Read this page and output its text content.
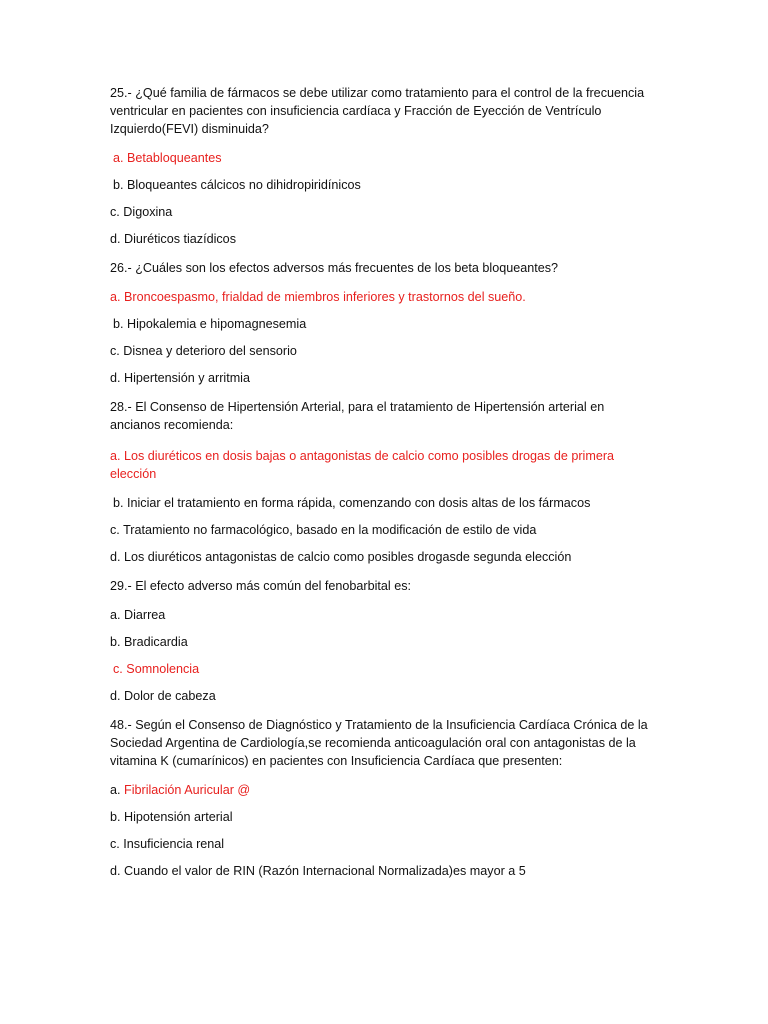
25.- ¿Qué familia de fármacos se debe utilizar como tratamiento para el control de la frecuencia ventricular en pacientes con insuficiencia cardíaca y Fracción de Eyección de Ventrículo Izquierdo(FEVI) disminuida?

a. Betabloqueantes

b. Bloqueantes cálcicos no dihidropiridínicos

c. Digoxina

d. Diuréticos tiazídicos

26.- ¿Cuáles son los efectos adversos más frecuentes de los beta bloqueantes?

a. Broncoespasmo, frialdad de miembros inferiores y trastornos del sueño.

b. Hipokalemia e hipomagnesemia

c. Disnea y deterioro del sensorio

d. Hipertensión y arritmia

28.- El Consenso de Hipertensión Arterial, para el tratamiento de Hipertensión arterial en ancianos recomienda:

a. Los diuréticos en dosis bajas o antagonistas de calcio como posibles drogas de primera elección

b. Iniciar el tratamiento en forma rápida, comenzando con dosis altas de los fármacos

c. Tratamiento no farmacológico, basado en la modificación de estilo de vida

d. Los diuréticos antagonistas de calcio como posibles drogasde segunda elección

29.- El efecto adverso más común del fenobarbital es:

a. Diarrea

b. Bradicardia

c. Somnolencia

d. Dolor de cabeza

48.- Según el Consenso de Diagnóstico y Tratamiento de la Insuficiencia Cardíaca Crónica de la Sociedad Argentina de Cardiología,se recomienda anticoagulación oral con antagonistas de la vitamina K (cumarínicos) en pacientes con Insuficiencia Cardíaca que presenten:

a. Fibrilación Auricular @

b. Hipotensión arterial

c. Insuficiencia renal

d. Cuando el valor de RIN (Razón Internacional Normalizada)es mayor a 5
